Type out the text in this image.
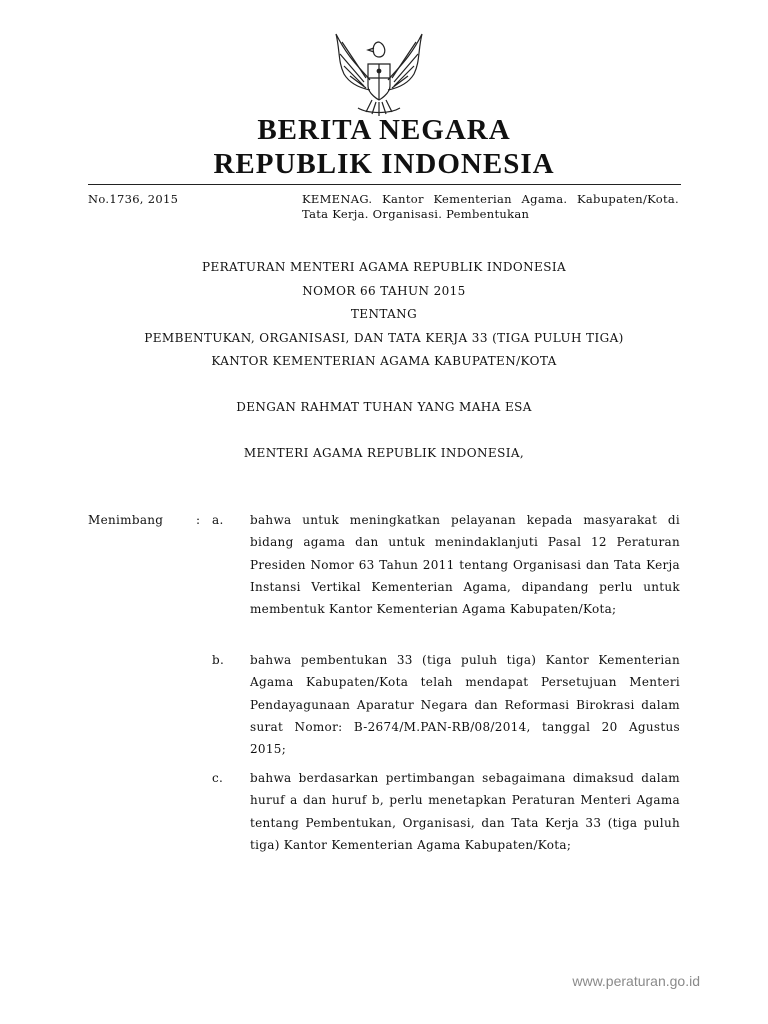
BERITA NEGARA
REPUBLIK INDONESIA
No.1736, 2015	KEMENAG. Kantor Kementerian Agama. Kabupaten/Kota. Tata Kerja. Organisasi. Pembentukan
PERATURAN MENTERI AGAMA REPUBLIK INDONESIA
NOMOR 66 TAHUN 2015
TENTANG
PEMBENTUKAN, ORGANISASI, DAN TATA KERJA 33 (TIGA PULUH TIGA)
KANTOR KEMENTERIAN AGAMA KABUPATEN/KOTA
DENGAN RAHMAT TUHAN YANG MAHA ESA
MENTERI AGAMA REPUBLIK INDONESIA,
Menimbang	: a. bahwa untuk meningkatkan pelayanan kepada masyarakat di bidang agama dan untuk menindaklanjuti Pasal 12 Peraturan Presiden Nomor 63 Tahun 2011 tentang Organisasi dan Tata Kerja Instansi Vertikal Kementerian Agama, dipandang perlu untuk membentuk Kantor Kementerian Agama Kabupaten/Kota;
b. bahwa pembentukan 33 (tiga puluh tiga) Kantor Kementerian Agama Kabupaten/Kota telah mendapat Persetujuan Menteri Pendayagunaan Aparatur Negara dan Reformasi Birokrasi dalam surat Nomor: B-2674/M.PAN-RB/08/2014, tanggal 20 Agustus 2015;
c. bahwa berdasarkan pertimbangan sebagaimana dimaksud dalam huruf a dan huruf b, perlu menetapkan Peraturan Menteri Agama tentang Pembentukan, Organisasi, dan Tata Kerja 33 (tiga puluh tiga) Kantor Kementerian Agama Kabupaten/Kota;
www.peraturan.go.id
